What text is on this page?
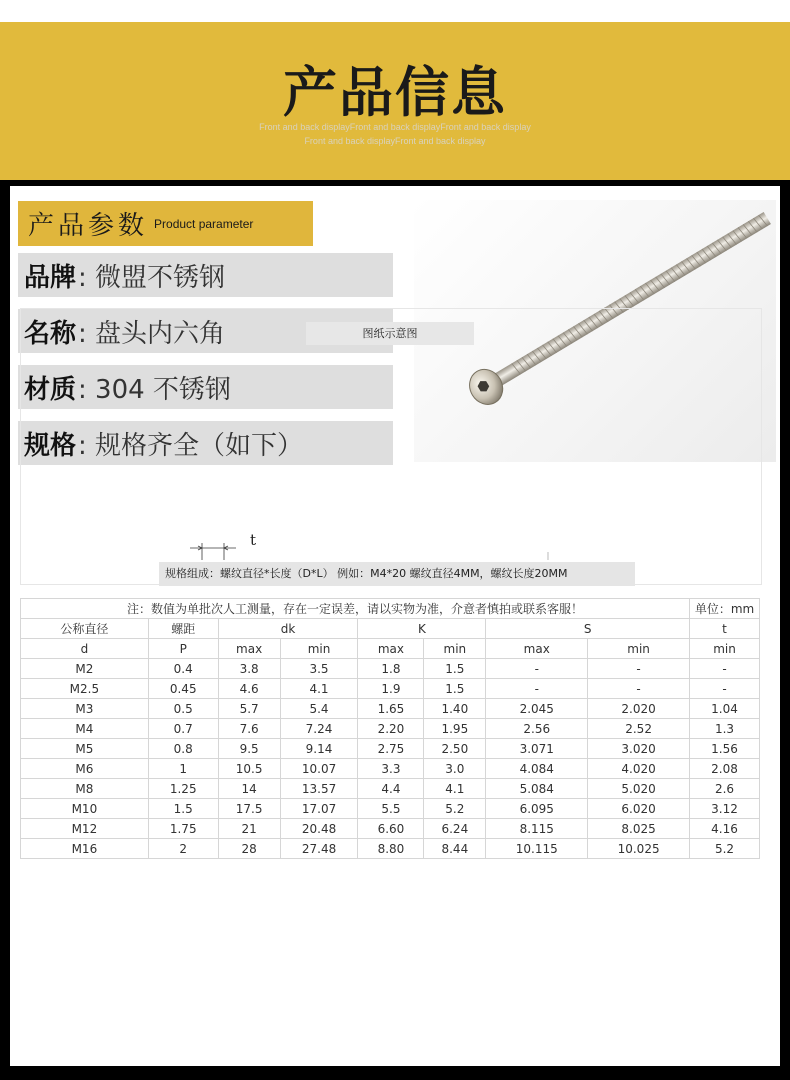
产品信息
Front and back displayFront and back displayFront and back display
Front and back displayFront and back display
产品参数 Product parameter
品牌 : 微盟不锈钢
名称 : 盘头内六角
材质 : 304 不锈钢
规格 : 规格齐全（如下）
图纸示意图
t
规格组成：螺纹直径*长度（D*L） 例如：M4*20 螺纹直径4MM，螺纹长度20MM
注：数值为单批次人工测量，存在一定误差，请以实物为准，介意者慎拍或联系客服！								单位：mm
公称直径	螺距	dk		K		S		t
d	P	max	min	max	min	max	min	min
M2	0.4	3.8	3.5	1.8	1.5	-	-	-
M2.5	0.45	4.6	4.1	1.9	1.5	-	-	-
M3	0.5	5.7	5.4	1.65	1.40	2.045	2.020	1.04
M4	0.7	7.6	7.24	2.20	1.95	2.56	2.52	1.3
M5	0.8	9.5	9.14	2.75	2.50	3.071	3.020	1.56
M6	1	10.5	10.07	3.3	3.0	4.084	4.020	2.08
M8	1.25	14	13.57	4.4	4.1	5.084	5.020	2.6
M10	1.5	17.5	17.07	5.5	5.2	6.095	6.020	3.12
M12	1.75	21	20.48	6.60	6.24	8.115	8.025	4.16
M16	2	28	27.48	8.80	8.44	10.115	10.025	5.2
